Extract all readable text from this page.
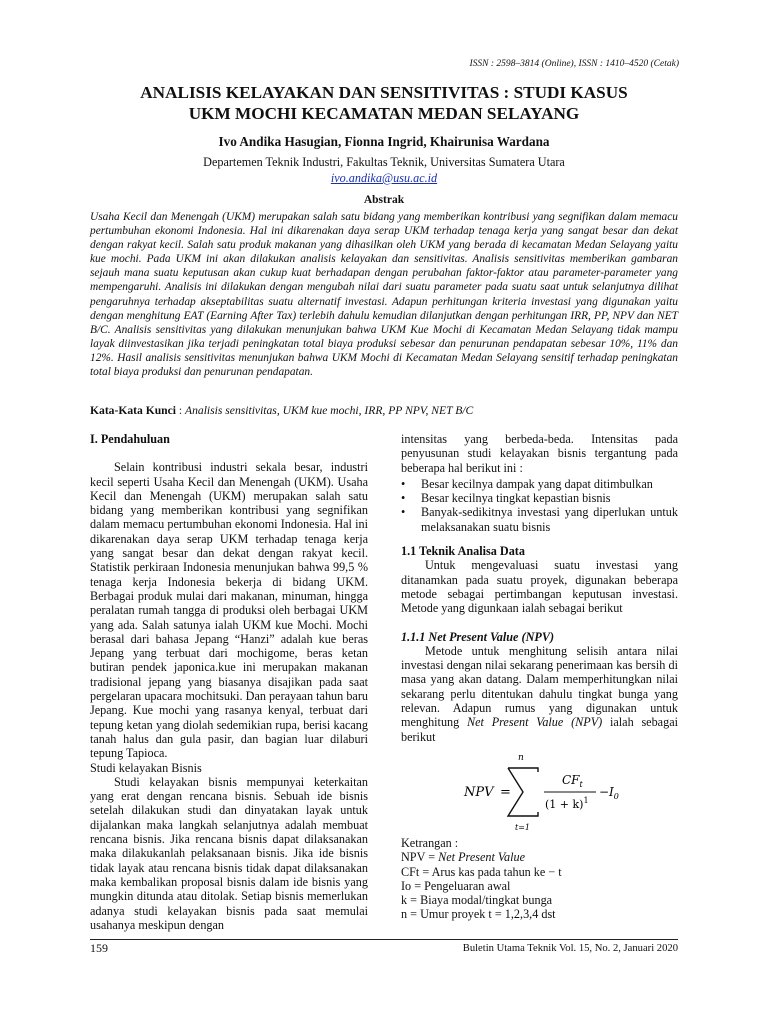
ISSN : 2598–3814 (Online), ISSN : 1410–4520 (Cetak)
ANALISIS KELAYAKAN DAN SENSITIVITAS : STUDI KASUS
UKM MOCHI KECAMATAN MEDAN SELAYANG
Ivo Andika Hasugian, Fionna Ingrid, Khairunisa Wardana
Departemen Teknik Industri, Fakultas Teknik, Universitas Sumatera Utara
ivo.andika@usu.ac.id
Abstrak
Usaha Kecil dan Menengah (UKM) merupakan salah satu bidang yang memberikan kontribusi yang segnifikan dalam memacu pertumbuhan ekonomi Indonesia. Hal ini dikarenakan daya serap UKM terhadap tenaga kerja yang sangat besar dan dekat dengan rakyat kecil. Salah satu produk makanan yang dihasilkan oleh UKM yang berada di kecamatan Medan Selayang yaitu kue mochi. Pada UKM ini akan dilakukan analisis kelayakan dan sensitivitas. Analisis sensitivitas memberikan gambaran sejauh mana suatu keputusan akan cukup kuat berhadapan dengan perubahan faktor-faktor atau parameter-parameter yang mempengaruhi. Analisis ini dilakukan dengan mengubah nilai dari suatu parameter pada suatu saat untuk selanjutnya dilihat pengaruhnya terhadap akseptabilitas suatu alternatif investasi. Adapun perhitungan kriteria investasi yang digunakan yaitu dengan menghitung EAT (Earning After Tax) terlebih dahulu kemudian dilanjutkan dengan perhitungan IRR, PP, NPV dan NET B/C. Analisis sensitivitas yang dilakukan menunjukan bahwa UKM Kue Mochi di Kecamatan Medan Selayang tidak mampu layak diinvestasikan jika terjadi peningkatan total biaya produksi sebesar dan penurunan pendapatan sebesar 10%, 11% dan 12%. Hasil analisis sensitivitas menunjukan bahwa UKM Mochi di Kecamatan Medan Selayang sensitif terhadap peningkatan total biaya produksi dan penurunan pendapatan.
Kata-Kata Kunci : Analisis sensitivitas, UKM kue mochi, IRR, PP NPV, NET B/C
I. Pendahuluan
Selain kontribusi industri sekala besar, industri kecil seperti Usaha Kecil dan Menengah (UKM). Usaha Kecil dan Menengah (UKM) merupakan salah satu bidang yang memberikan kontribusi yang segnifikan dalam memacu pertumbuhan ekonomi Indonesia. Hal ini dikarenakan daya serap UKM terhadap tenaga kerja yang sangat besar dan dekat dengan rakyat kecil. Statistik perkiraan Indonesia menunjukan bahwa 99,5 % tenaga kerja Indonesia bekerja di bidang UKM. Berbagai produk mulai dari makanan, minuman, hingga peralatan rumah tangga di produksi oleh berbagai UKM yang ada. Salah satunya ialah UKM kue Mochi. Mochi berasal dari bahasa Jepang “Hanzi” adalah kue beras Jepang yang terbuat dari mochigome, beras ketan butiran pendek japonica.kue ini merupakan makanan tradisional jepang yang biasanya disajikan pada saat pergelaran upacara mochitsuki. Dan perayaan tahun baru Jepang. Kue mochi yang rasanya kenyal, terbuat dari tepung ketan yang diolah sedemikian rupa, berisi kacang tanah halus dan gula pasir, dan bagian luar dilaburi tepung Tapioca.
Studi kelayakan Bisnis
Studi kelayakan bisnis mempunyai keterkaitan yang erat dengan rencana bisnis. Sebuah ide bisnis setelah dilakukan studi dan dinyatakan layak untuk dijalankan maka langkah selanjutnya adalah membuat rencana bisnis. Jika rencana bisnis dapat dilaksanakan maka dilakukanlah pelaksanaan bisnis. Jika ide bisnis tidak layak atau rencana bisnis tidak dapat dilaksanakan maka kembalikan proposal bisnis dalam ide bisnis yang mungkin ditunda atau ditolak. Setiap bisnis memerlukan adanya studi kelayakan bisnis pada saat memulai usahanya meskipun dengan
intensitas yang berbeda-beda. Intensitas pada penyusunan studi kelayakan bisnis tergantung pada beberapa hal berikut ini :
• Besar kecilnya dampak yang dapat ditimbulkan
• Besar kecilnya tingkat kepastian bisnis
• Banyak-sedikitnya investasi yang diperlukan untuk melaksanakan suatu bisnis
1.1 Teknik Analisa Data
Untuk mengevaluasi suatu investasi yang ditanamkan pada suatu proyek, digunakan beberapa metode sebagai pertimbangan keputusan investasi. Metode yang digunkaan ialah sebagai berikut
1.1.1 Net Present Value (NPV)
Metode untuk menghitung selisih antara nilai investasi dengan nilai sekarang penerimaan kas bersih di masa yang akan datang. Dalam memperhitungkan nilai sekarang perlu ditentukan dahulu tingkat bunga yang relevan. Adapun rumus yang digunakan untuk menghitung Net Present Value (NPV) ialah sebagai berikut
NPV =
n
t=1
$CF_t$
$(1 + k)^1$
− $I_0$
Ketrangan :
NPV = Net Present Value
CFt = Arus kas pada tahun ke − t
Io = Pengeluaran awal
k = Biaya modal/tingkat bunga
n = Umur proyek t = 1,2,3,4 dst
159	Buletin Utama Teknik Vol. 15, No. 2, Januari 2020
